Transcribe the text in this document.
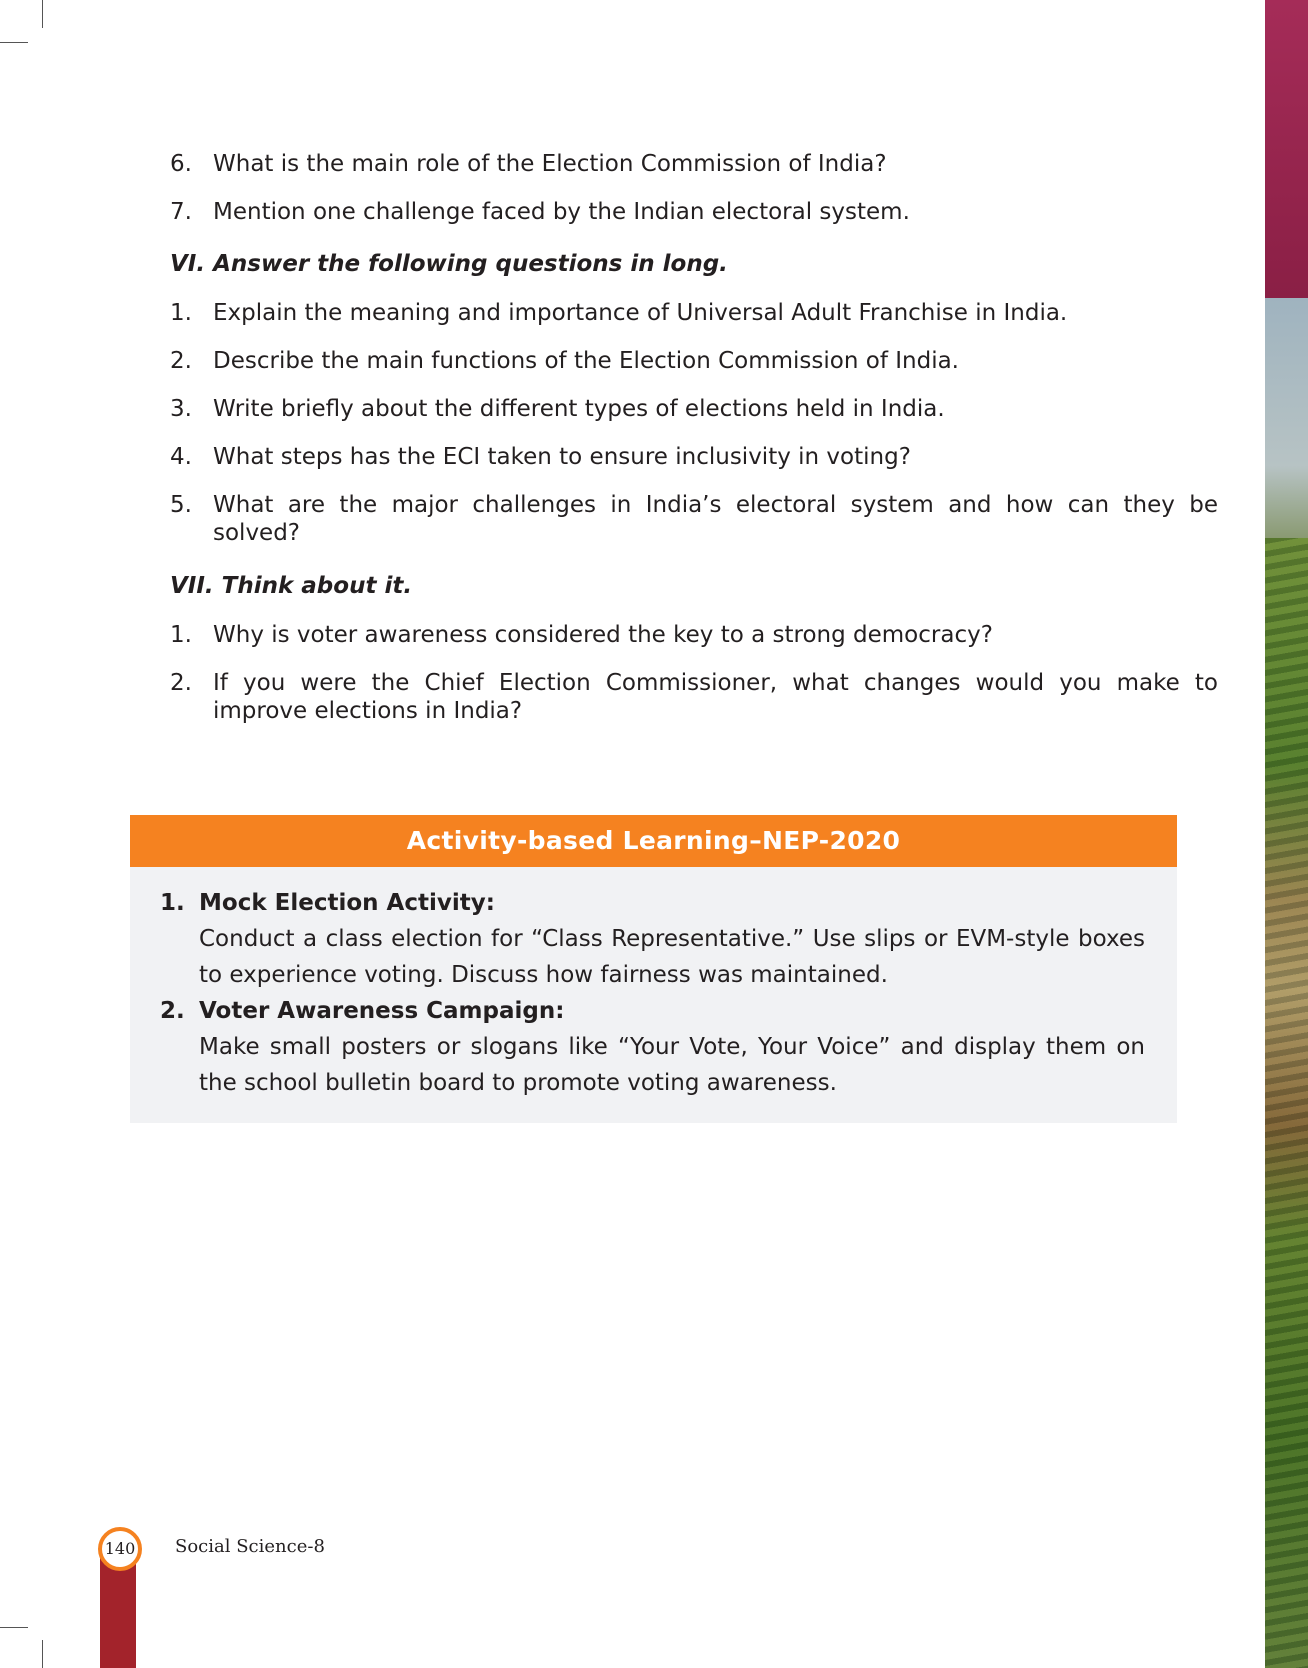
6. What is the main role of the Election Commission of India?
7. Mention one challenge faced by the Indian electoral system.
VI. Answer the following questions in long.
1. Explain the meaning and importance of Universal Adult Franchise in India.
2. Describe the main functions of the Election Commission of India.
3. Write briefly about the different types of elections held in India.
4. What steps has the ECI taken to ensure inclusivity in voting?
5. What are the major challenges in India’s electoral system and how can they be solved?
VII. Think about it.
1. Why is voter awareness considered the key to a strong democracy?
2. If you were the Chief Election Commissioner, what changes would you make to improve elections in India?
Activity-based Learning–NEP-2020
1. Mock Election Activity:
Conduct a class election for “Class Representative.” Use slips or EVM-style boxes to experience voting. Discuss how fairness was maintained.
2. Voter Awareness Campaign:
Make small posters or slogans like “Your Vote, Your Voice” and display them on the school bulletin board to promote voting awareness.
140 Social Science-8
